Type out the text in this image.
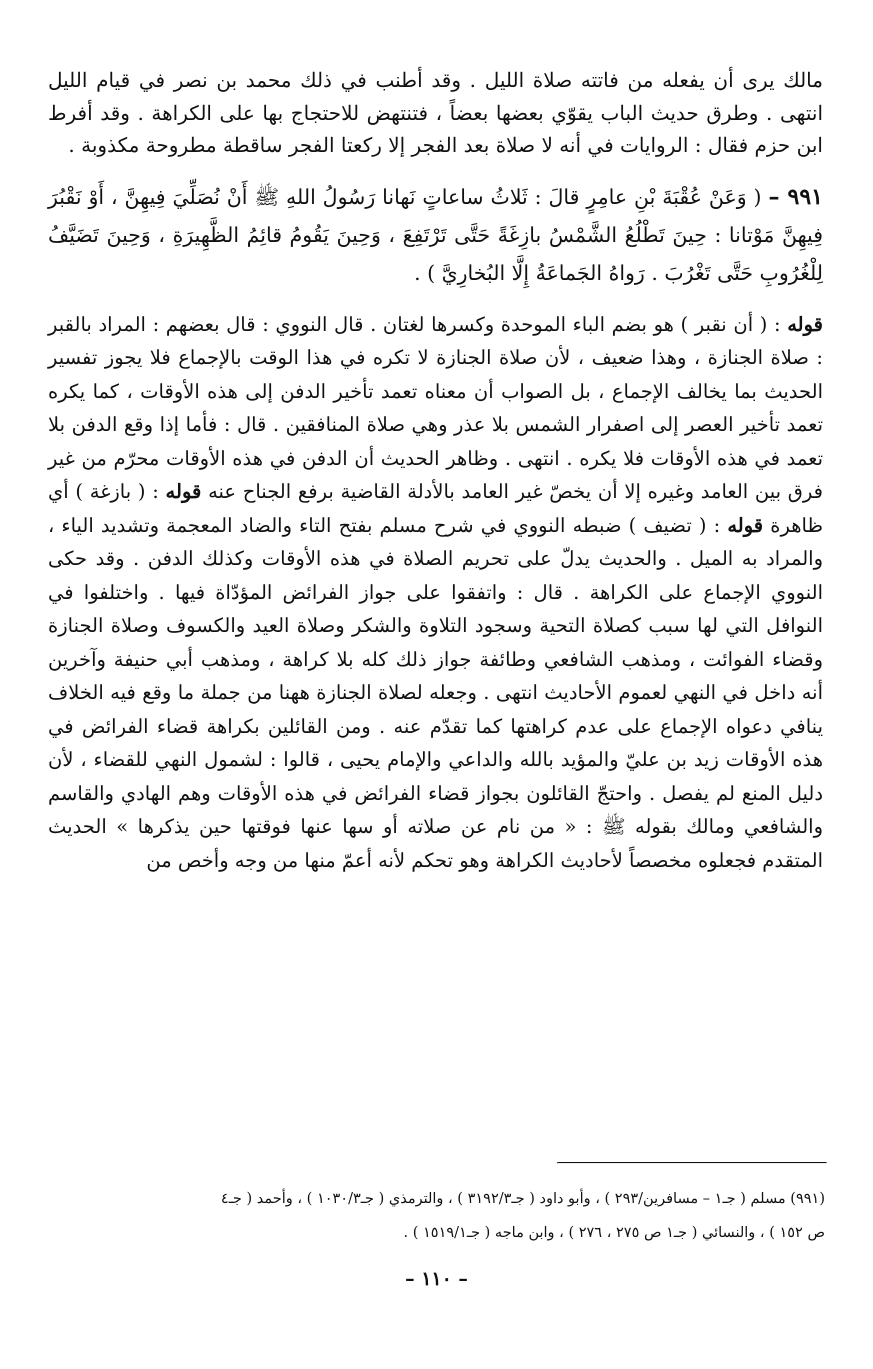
مالك يرى أن يفعله من فاتته صلاة الليل . وقد أطنب في ذلك محمد بن نصر في قيام الليل انتهى . وطرق حديث الباب يقوّي بعضها بعضاً ، فتنتهض للاحتجاج بها على الكراهة . وقد أفرط ابن حزم فقال : الروايات في أنه لا صلاة بعد الفجر إلا ركعتا الفجر ساقطة مطروحة مكذوبة .

٩٩١ – ( وَعَنْ عُقْبَةَ بْنِ عامِرٍ قالَ : ثَلاثُ ساعاتٍ نَهانا رَسُولُ اللهِ ﷺ أَنْ نُصَلِّيَ فِيهِنَّ ، أَوْ نَقْبُرَ فِيهِنَّ مَوْتانا : حِينَ تَطْلُعُ الشَّمْسُ بازِغَةً حَتَّى تَرْتَفِعَ ، وَحِينَ يَقُومُ قائِمُ الظَّهِيرَةِ ، وَحِينَ تَضَيَّفُ لِلْغُرُوبِ حَتَّى تَغْرُبَ . رَواهُ الجَماعَةُ إِلَّا البُخارِيَّ ) .

قوله : ( أن نقبر ) هو بضم الباء الموحدة وكسرها لغتان . قال النووي : قال بعضهم : المراد بالقبر : صلاة الجنازة ، وهذا ضعيف ، لأن صلاة الجنازة لا تكره في هذا الوقت بالإجماع فلا يجوز تفسير الحديث بما يخالف الإجماع ، بل الصواب أن معناه تعمد تأخير الدفن إلى هذه الأوقات ، كما يكره تعمد تأخير العصر إلى اصفرار الشمس بلا عذر وهي صلاة المنافقين . قال : فأما إذا وقع الدفن بلا تعمد في هذه الأوقات فلا يكره . انتهى . وظاهر الحديث أن الدفن في هذه الأوقات محرّم من غير فرق بين العامد وغيره إلا أن يخصّ غير العامد بالأدلة القاضية برفع الجناح عنه قوله : ( بازغة ) أي ظاهرة قوله : ( تضيف ) ضبطه النووي في شرح مسلم بفتح التاء والضاد المعجمة وتشديد الياء ، والمراد به الميل . والحديث يدلّ على تحريم الصلاة في هذه الأوقات وكذلك الدفن . وقد حكى النووي الإجماع على الكراهة . قال : واتفقوا على جواز الفرائض المؤدّاة فيها . واختلفوا في النوافل التي لها سبب كصلاة التحية وسجود التلاوة والشكر وصلاة العيد والكسوف وصلاة الجنازة وقضاء الفوائت ، ومذهب الشافعي وطائفة جواز ذلك كله بلا كراهة ، ومذهب أبي حنيفة وآخرين أنه داخل في النهي لعموم الأحاديث انتهى . وجعله لصلاة الجنازة ههنا من جملة ما وقع فيه الخلاف ينافي دعواه الإجماع على عدم كراهتها كما تقدّم عنه . ومن القائلين بكراهة قضاء الفرائض في هذه الأوقات زيد بن عليّ والمؤيد بالله والداعي والإمام يحيى ، قالوا : لشمول النهي للقضاء ، لأن دليل المنع لم يفصل . واحتجّ القائلون بجواز قضاء الفرائض في هذه الأوقات وهم الهادي والقاسم والشافعي ومالك بقوله ﷺ : « من نام عن صلاته أو سها عنها فوقتها حين يذكرها » الحديث المتقدم فجعلوه مخصصاً لأحاديث الكراهة وهو تحكم لأنه أعمّ منها من وجه وأخص من

(٩٩١) مسلم ( جـ١ – مسافرين/٢٩٣ ) ، وأبو داود ( جـ٣١٩٢/٣ ) ، والترمذي ( جـ١٠٣٠/٣ ) ، وأحمد ( جـ٤

ص ١٥٢ ) ، والنسائي ( جـ١ ص ٢٧٥ ، ٢٧٦ ) ، وابن ماجه ( جـ١٥١٩/١ ) .

– ١١٠ –
